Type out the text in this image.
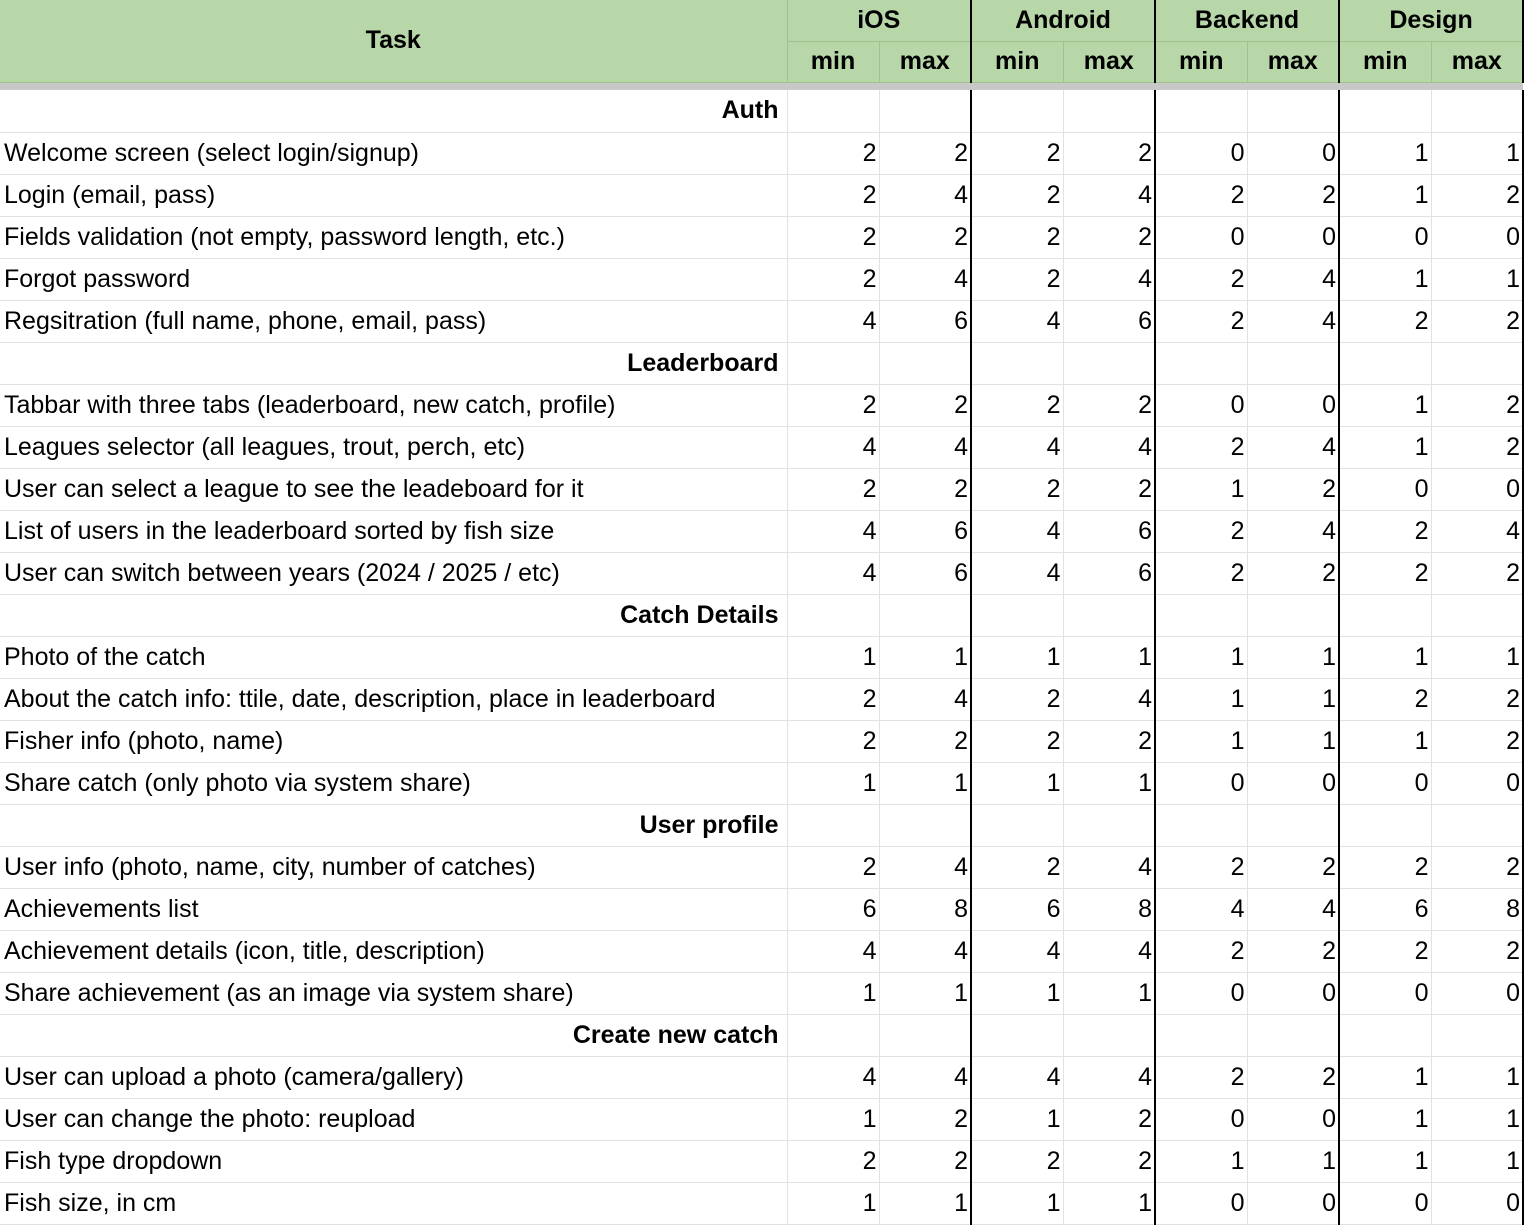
Task	iOS		Android		Backend		Design	
	min	max	min	max	min	max	min	max

Auth								
Welcome screen (select login/signup)	2	2	2	2	0	0	1	1
Login (email, pass)	2	4	2	4	2	2	1	2
Fields validation (not empty, password length, etc.)	2	2	2	2	0	0	0	0
Forgot password	2	4	2	4	2	4	1	1
Regsitration (full name, phone, email, pass)	4	6	4	6	2	4	2	2
Leaderboard								
Tabbar with three tabs (leaderboard, new catch, profile)	2	2	2	2	0	0	1	2
Leagues selector (all leagues, trout, perch, etc)	4	4	4	4	2	4	1	2
User can select a league to see the leadeboard for it	2	2	2	2	1	2	0	0
List of users in the leaderboard sorted by fish size	4	6	4	6	2	4	2	4
User can switch between years (2024 / 2025 / etc)	4	6	4	6	2	2	2	2
Catch Details								
Photo of the catch	1	1	1	1	1	1	1	1
About the catch info: ttile, date, description, place in leaderboard	2	4	2	4	1	1	2	2
Fisher info (photo, name)	2	2	2	2	1	1	1	2
Share catch (only photo via system share)	1	1	1	1	0	0	0	0
User profile								
User info (photo, name, city, number of catches)	2	4	2	4	2	2	2	2
Achievements list	6	8	6	8	4	4	6	8
Achievement details (icon, title, description)	4	4	4	4	2	2	2	2
Share achievement (as an image via system share)	1	1	1	1	0	0	0	0
Create new catch								
User can upload a photo (camera/gallery)	4	4	4	4	2	2	1	1
User can change the photo: reupload	1	2	1	2	0	0	1	1
Fish type dropdown	2	2	2	2	1	1	1	1
Fish size, in cm	1	1	1	1	0	0	0	0
